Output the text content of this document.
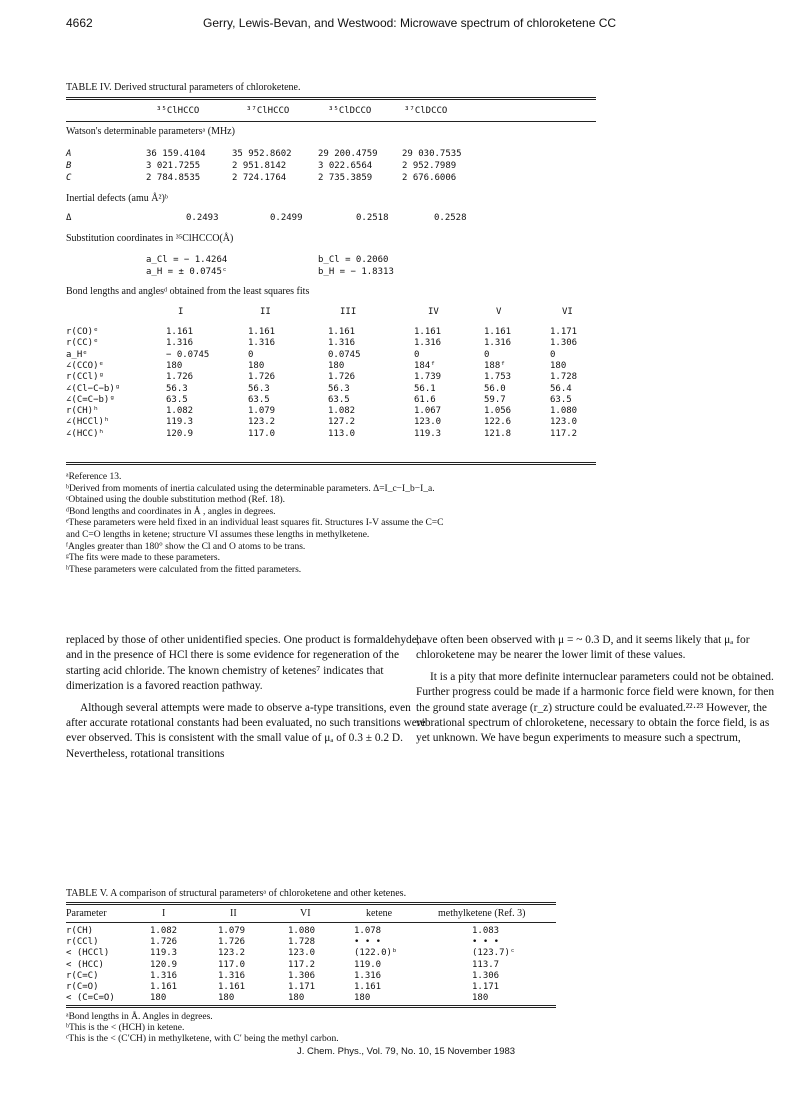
4662	Gerry, Lewis-Bevan, and Westwood: Microwave spectrum of chloroketene CC
TABLE IV. Derived structural parameters of chloroketene.
³⁵ClHCCO	³⁷ClHCCO	³⁵ClDCCO	³⁷ClDCCO
Watson's determinable parametersᵃ (MHz)
A	36 159.4104	35 952.8602	29 200.4759	29 030.7535
B	3 021.7255	2 951.8142	3 022.6564	2 952.7989
C	2 784.8535	2 724.1764	2 735.3859	2 676.6006
Inertial defects (amu Å²)ᵇ
Δ	0.2493	0.2499	0.2518	0.2528
Substitution coordinates in ³⁵ClHCCO(Å)
a_Cl = − 1.4264	b_Cl = 0.2060
a_H = ± 0.0745ᶜ	b_H = − 1.8313
Bond lengths and anglesᵈ obtained from the least squares fits
I	II	III	IV	V	VI
r(CO)ᵉ	1.161	1.161	1.161	1.161	1.161	1.171
r(CC)ᵉ	1.316	1.316	1.316	1.316	1.316	1.306
a_Hᵉ	− 0.0745	0	0.0745	0	0	0
∠(CCO)ᵉ	180	180	180	184ᶠ	188ᶠ	180
r(CCl)ᵍ	1.726	1.726	1.726	1.739	1.753	1.728
∠(Cl−C−b)ᵍ	56.3	56.3	56.3	56.1	56.0	56.4
∠(C=C−b)ᵍ	63.5	63.5	63.5	61.6	59.7	63.5
r(CH)ʰ	1.082	1.079	1.082	1.067	1.056	1.080
∠(HCCl)ʰ	119.3	123.2	127.2	123.0	122.6	123.0
∠(HCC)ʰ	120.9	117.0	113.0	119.3	121.8	117.2
ᵃReference 13.
ᵇDerived from moments of inertia calculated using the determinable parameters. Δ=I_c−I_b−I_a.
ᶜObtained using the double substitution method (Ref. 18).
ᵈBond lengths and coordinates in Å , angles in degrees.
ᵉThese parameters were held fixed in an individual least squares fit. Structures I-V assume the C=C
and C=O lengths in ketene; structure VI assumes these lengths in methylketene.
ᶠAngles greater than 180° show the Cl and O atoms to be trans.
ᵍThe fits were made to these parameters.
ʰThese parameters were calculated from the fitted parameters.

replaced by those of other unidentified species. One product is formaldehyde, and in the presence of HCl there is some evidence for regeneration of the starting acid chloride. The known chemistry of ketenes⁷ indicates that dimerization is a favored reaction pathway.

Although several attempts were made to observe a-type transitions, even after accurate rotational constants had been evaluated, no such transitions were ever observed. This is consistent with the small value of μₐ of 0.3 ± 0.2 D. Nevertheless, rotational transitions

have often been observed with μ = ~ 0.3 D, and it seems likely that μₐ for chloroketene may be nearer the lower limit of these values.

It is a pity that more definite internuclear parameters could not be obtained. Further progress could be made if a harmonic force field were known, for then the ground state average (r_z) structure could be evaluated.²²·²³ However, the vibrational spectrum of chloroketene, necessary to obtain the force field, is as yet unknown. We have begun experiments to measure such a spectrum,

TABLE V. A comparison of structural parametersᵃ of chloroketene and other ketenes.
Parameter	I	II	VI	ketene	methylketene (Ref. 3)
r(CH)	1.082	1.079	1.080	1.078	1.083
r(CCl)	1.726	1.726	1.728	• • •	• • •
< (HCCl)	119.3	123.2	123.0	(122.0)ᵇ	(123.7)ᶜ
< (HCC)	120.9	117.0	117.2	119.0	113.7
r(C=C)	1.316	1.316	1.306	1.316	1.306
r(C=O)	1.161	1.161	1.171	1.161	1.171
< (C=C=O)	180	180	180	180	180
ᵃBond lengths in Å. Angles in degrees.
ᵇThis is the < (HCH) in ketene.
ᶜThis is the < (C′CH) in methylketene, with C′ being the methyl carbon.
J. Chem. Phys., Vol. 79, No. 10, 15 November 1983
